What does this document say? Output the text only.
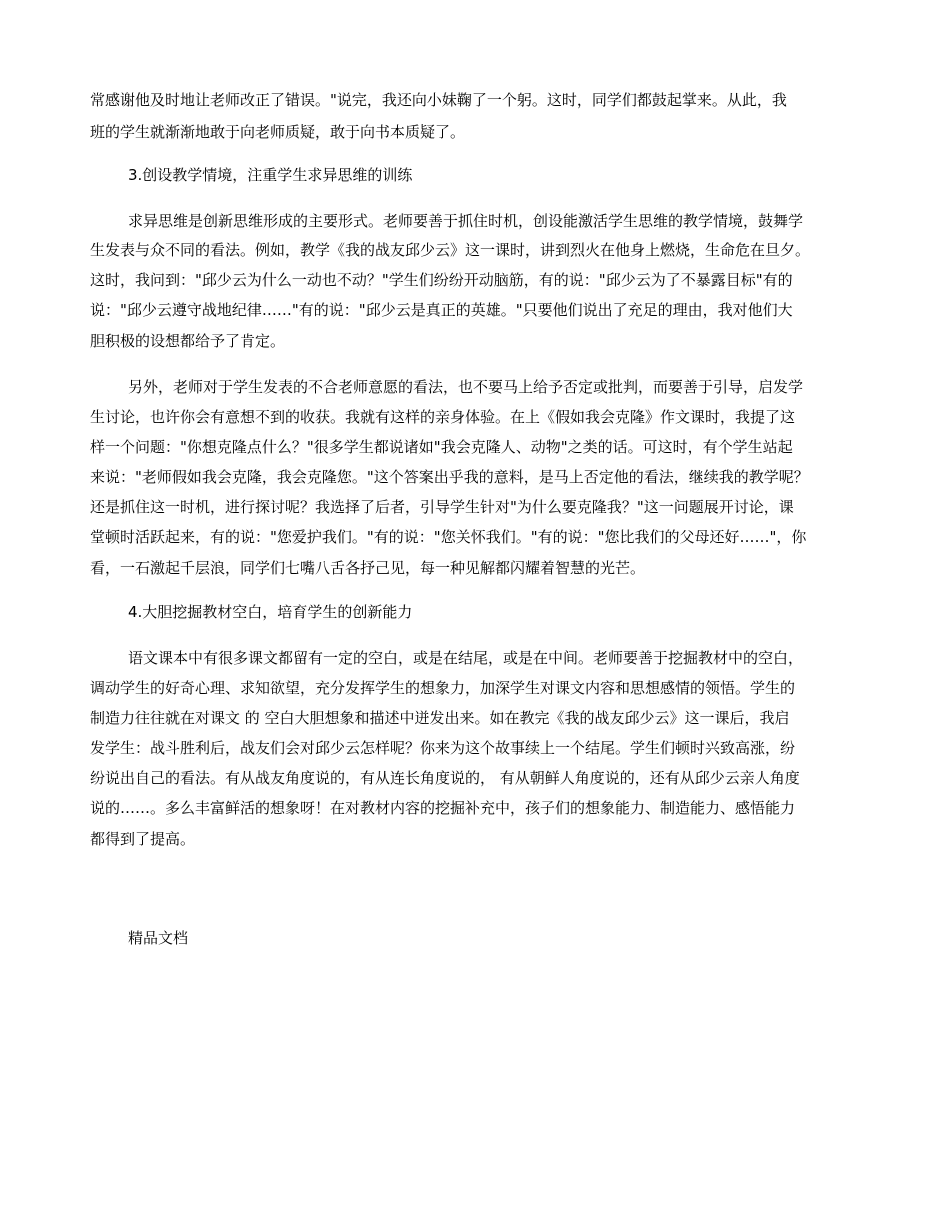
常感谢他及时地让老师改正了错误。"说完，我还向小妹鞠了一个躬。这时，同学们都鼓起掌来。从此，我

班的学生就渐渐地敢于向老师质疑，敢于向书本质疑了。

3.创设教学情境，注重学生求异思维的训练

求异思维是创新思维形成的主要形式。老师要善于抓住时机，创设能激活学生思维的教学情境，鼓舞学

生发表与众不同的看法。例如，教学《我的战友邱少云》这一课时，讲到烈火在他身上燃烧，生命危在旦夕。

这时，我问到："邱少云为什么一动也不动？"学生们纷纷开动脑筋，有的说："邱少云为了不暴露目标"有的

说："邱少云遵守战地纪律……"有的说："邱少云是真正的英雄。"只要他们说出了充足的理由，我对他们大

胆积极的设想都给予了肯定。

另外，老师对于学生发表的不合老师意愿的看法，也不要马上给予否定或批判，而要善于引导，启发学

生讨论，也许你会有意想不到的收获。我就有这样的亲身体验。在上《假如我会克隆》作文课时，我提了这

样一个问题："你想克隆点什么？"很多学生都说诸如"我会克隆人、动物"之类的话。可这时，有个学生站起

来说："老师假如我会克隆，我会克隆您。"这个答案出乎我的意料，是马上否定他的看法，继续我的教学呢？

还是抓住这一时机，进行探讨呢？我选择了后者，引导学生针对"为什么要克隆我？"这一问题展开讨论，课

堂顿时活跃起来，有的说："您爱护我们。"有的说："您关怀我们。"有的说："您比我们的父母还好……"，你

看，一石激起千层浪，同学们七嘴八舌各抒己见，每一种见解都闪耀着智慧的光芒。

4.大胆挖掘教材空白，培育学生的创新能力

语文课本中有很多课文都留有一定的空白，或是在结尾，或是在中间。老师要善于挖掘教材中的空白，

调动学生的好奇心理、求知欲望，充分发挥学生的想象力，加深学生对课文内容和思想感情的领悟。学生的

制造力往往就在对课文 的 空白大胆想象和描述中迸发出来。如在教完《我的战友邱少云》这一课后，我启

发学生：战斗胜利后，战友们会对邱少云怎样呢？你来为这个故事续上一个结尾。学生们顿时兴致高涨，纷

纷说出自己的看法。有从战友角度说的，有从连长角度说的， 有从朝鲜人角度说的，还有从邱少云亲人角度

说的……。多么丰富鲜活的想象呀！在对教材内容的挖掘补充中，孩子们的想象能力、制造能力、感悟能力

都得到了提高。

精品文档
